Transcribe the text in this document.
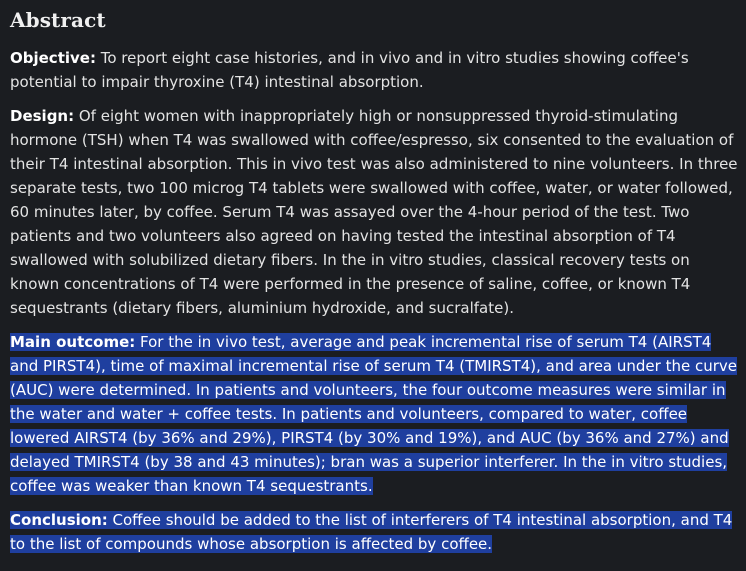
Abstract

Objective: To report eight case histories, and in vivo and in vitro studies showing coffee's potential to impair thyroxine (T4) intestinal absorption.

Design: Of eight women with inappropriately high or nonsuppressed thyroid-stimulating hormone (TSH) when T4 was swallowed with coffee/espresso, six consented to the evaluation of their T4 intestinal absorption. This in vivo test was also administered to nine volunteers. In three separate tests, two 100 microg T4 tablets were swallowed with coffee, water, or water followed, 60 minutes later, by coffee. Serum T4 was assayed over the 4-hour period of the test. Two patients and two volunteers also agreed on having tested the intestinal absorption of T4 swallowed with solubilized dietary fibers. In the in vitro studies, classical recovery tests on known concentrations of T4 were performed in the presence of saline, coffee, or known T4 sequestrants (dietary fibers, aluminium hydroxide, and sucralfate).

Main outcome: For the in vivo test, average and peak incremental rise of serum T4 (AIRST4 and PIRST4), time of maximal incremental rise of serum T4 (TMIRST4), and area under the curve (AUC) were determined. In patients and volunteers, the four outcome measures were similar in the water and water + coffee tests. In patients and volunteers, compared to water, coffee lowered AIRST4 (by 36% and 29%), PIRST4 (by 30% and 19%), and AUC (by 36% and 27%) and delayed TMIRST4 (by 38 and 43 minutes); bran was a superior interferer. In the in vitro studies, coffee was weaker than known T4 sequestrants.

Conclusion: Coffee should be added to the list of interferers of T4 intestinal absorption, and T4 to the list of compounds whose absorption is affected by coffee.
